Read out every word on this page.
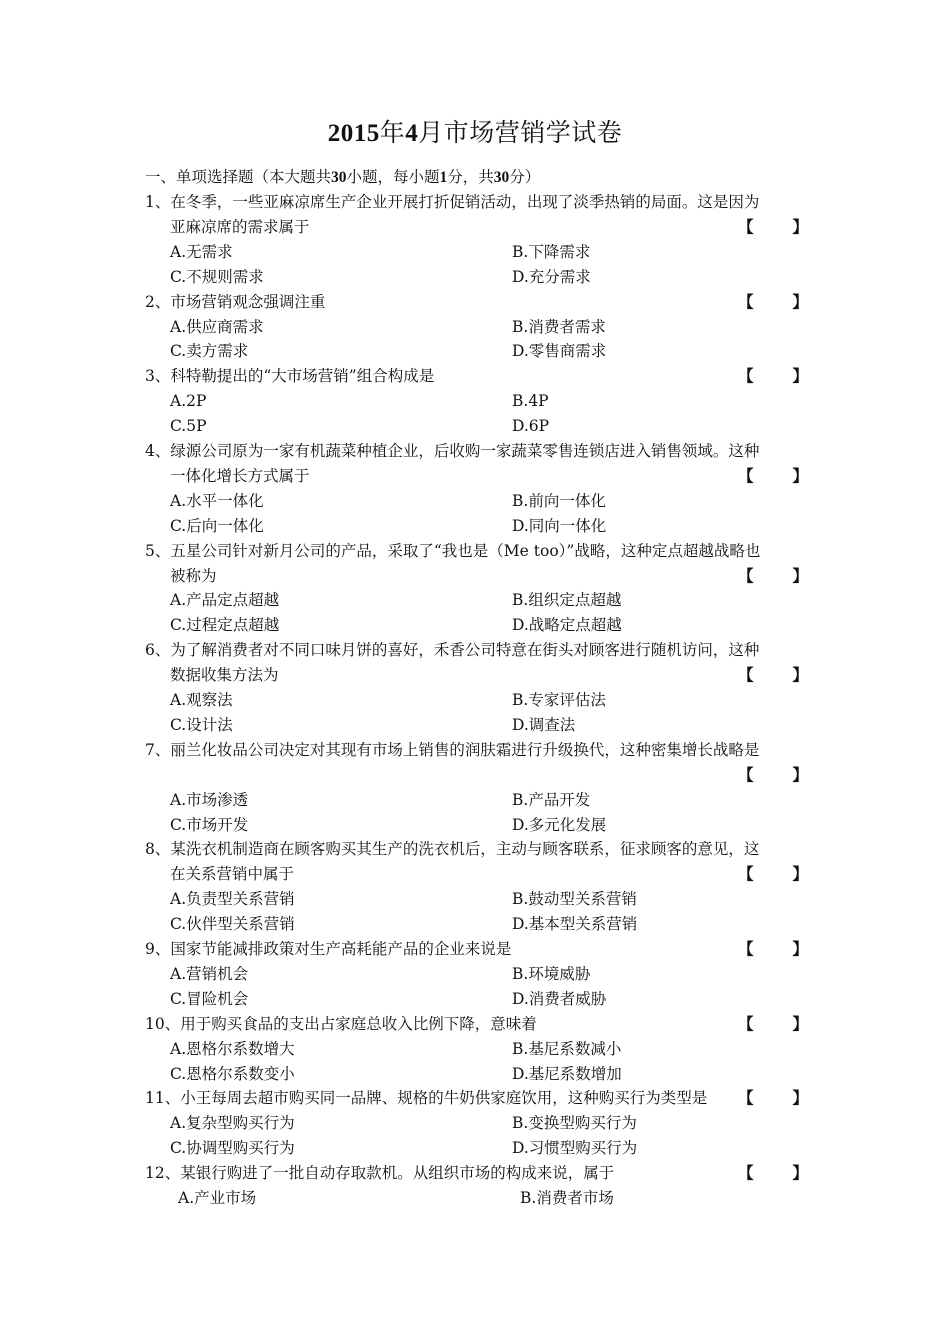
2015年4月市场营销学试卷
一、单项选择题（本大题共30小题，每小题1分，共30分）
1、在冬季，一些亚麻凉席生产企业开展打折促销活动，出现了淡季热销的局面。这是因为
亚麻凉席的需求属于	【	】
A.无需求	B.下降需求
C.不规则需求	D.充分需求
2、市场营销观念强调注重	【	】
A.供应商需求	B.消费者需求
C.卖方需求	D.零售商需求
3、科特勒提出的“大市场营销”组合构成是	【	】
A.2P	B.4P
C.5P	D.6P
4、绿源公司原为一家有机蔬菜种植企业，后收购一家蔬菜零售连锁店进入销售领域。这种
一体化增长方式属于	【	】
A.水平一体化	B.前向一体化
C.后向一体化	D.同向一体化
5、五星公司针对新月公司的产品，采取了“我也是（Me too）”战略，这种定点超越战略也
被称为	【	】
A.产品定点超越	B.组织定点超越
C.过程定点超越	D.战略定点超越
6、为了解消费者对不同口味月饼的喜好，禾香公司特意在街头对顾客进行随机访问，这种
数据收集方法为	【	】
A.观察法	B.专家评估法
C.设计法	D.调查法
7、丽兰化妆品公司决定对其现有市场上销售的润肤霜进行升级换代，这种密集增长战略是
【	】
A.市场渗透	B.产品开发
C.市场开发	D.多元化发展
8、某洗衣机制造商在顾客购买其生产的洗衣机后，主动与顾客联系，征求顾客的意见，这
在关系营销中属于	【	】
A.负责型关系营销	B.鼓动型关系营销
C.伙伴型关系营销	D.基本型关系营销
9、国家节能减排政策对生产高耗能产品的企业来说是	【	】
A.营销机会	B.环境威胁
C.冒险机会	D.消费者威胁
10、用于购买食品的支出占家庭总收入比例下降，意味着	【	】
A.恩格尔系数增大	B.基尼系数减小
C.恩格尔系数变小	D.基尼系数增加
11、小王每周去超市购买同一品牌、规格的牛奶供家庭饮用，这种购买行为类型是 【	】
A.复杂型购买行为	B.变换型购买行为
C.协调型购买行为	D.习惯型购买行为
12、某银行购进了一批自动存取款机。从组织市场的构成来说，属于	【	】
A.产业市场	B.消费者市场
